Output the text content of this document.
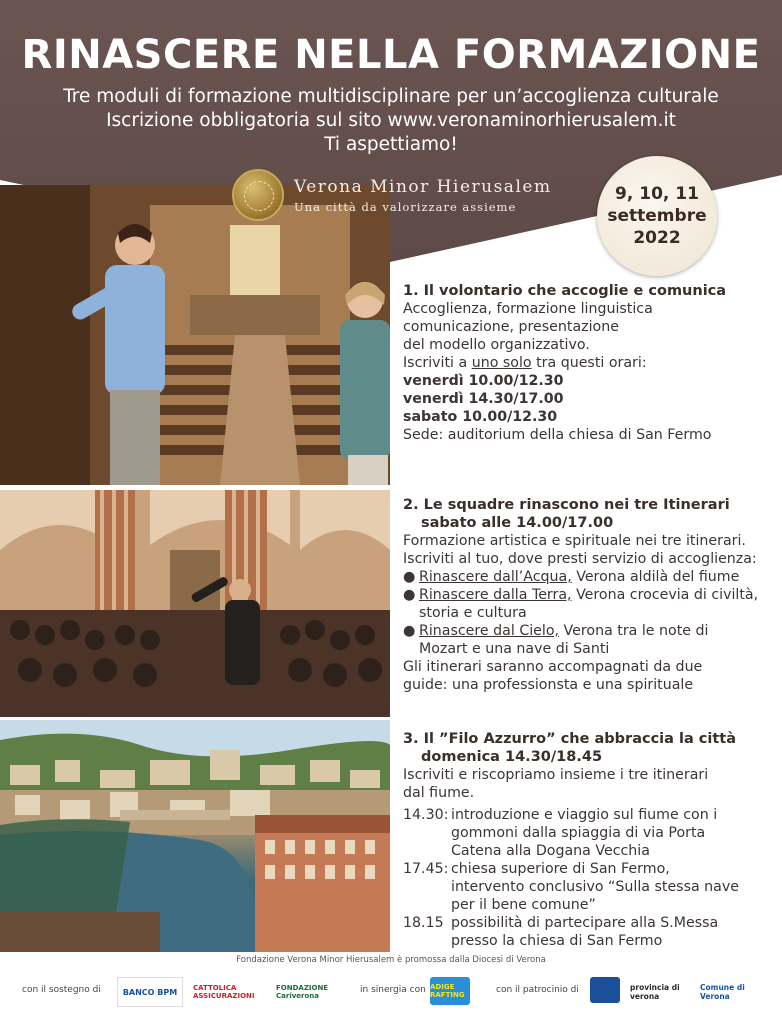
RINASCERE NELLA FORMAZIONE
Tre moduli di formazione multidisciplinare per un’accoglienza culturale
Iscrizione obbligatoria sul sito www.veronaminorhierusalem.it
Ti aspettiamo!
Verona Minor Hierusalem
Una città da valorizzare assieme
9, 10, 11
settembre
2022
1. Il volontario che accoglie e comunica

Accoglienza, formazione linguistica

comunicazione, presentazione

del modello organizzativo.

Iscriviti a uno solo tra questi orari:

venerdì 10.00/12.30

venerdì 14.30/17.00

sabato 10.00/12.30

Sede: auditorium della chiesa di San Fermo

2. Le squadre rinascono nei tre Itinerari
sabato alle 14.00/17.00

Formazione artistica e spirituale nei tre itinerari.

Iscriviti al tuo, dove presti servizio di accoglienza:

● Rinascere dall’Acqua, Verona aldilà del fiume
● Rinascere dalla Terra, Verona crocevia di civiltà,
storia e cultura
● Rinascere dal Cielo, Verona tra le note di
Mozart e una nave di Santi

Gli itinerari saranno accompagnati da due

guide: una professionsta e una spirituale

3. Il ”Filo Azzurro” che abbraccia la città
domenica 14.30/18.45

Iscriviti e riscopriamo insieme i tre itinerari

dal fiume.

14.30: introduzione e viaggio sul fiume con i
gommoni dalla spiaggia di via Porta
Catena alla Dogana Vecchia
17.45: chiesa superiore di San Fermo,
intervento conclusivo “Sulla stessa nave
per il bene comune”
18.15 possibilità di partecipare alla S.Messa
presso la chiesa di San Fermo
Fondazione Verona Minor Hierusalem è promossa dalla Diocesi di Verona
con il sostegno di	BANCO BPM	CATTOLICA ASSICURAZIONI
FONDAZIONE Cariverona
in sinergia con ADIGE RAFTING	con il patrocinio di	provincia di verona
Comune di Verona
